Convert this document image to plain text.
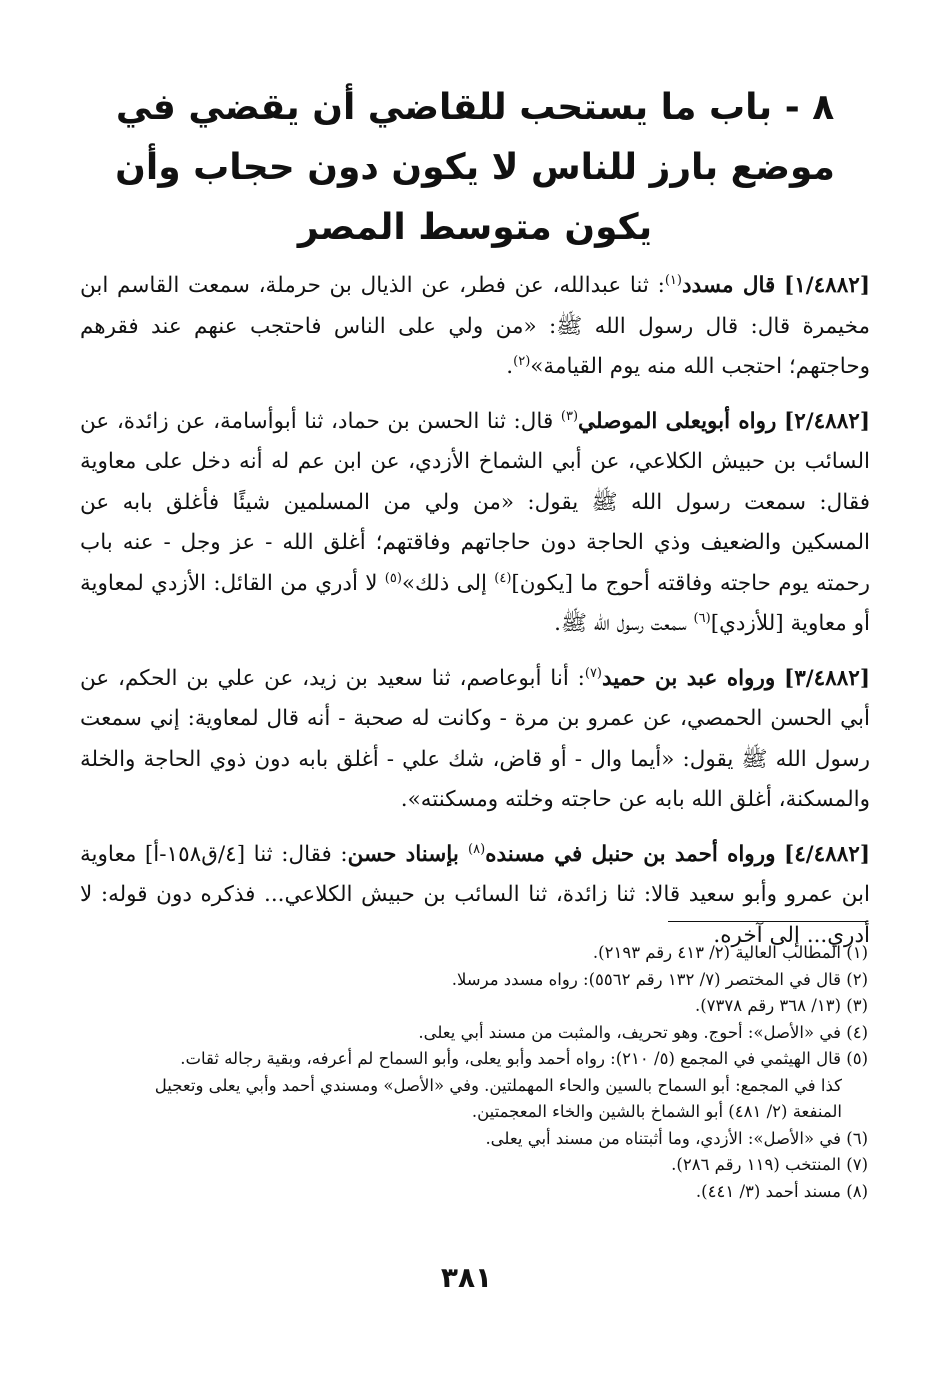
٨ - باب ما يستحب للقاضي أن يقضي في موضع بارز للناس لا يكون دون حجاب وأن يكون متوسط المصر

[١/٤٨٨٢] قال مسدد$^{(١)}$: ثنا عبدالله، عن فطر، عن الذيال بن حرملة، سمعت القاسم ابن مخيمرة قال: قال رسول الله ﷺ: «من ولي على الناس فاحتجب عنهم عند فقرهم وحاجتهم؛ احتجب الله منه يوم القيامة»$^{(٢)}$.

[٢/٤٨٨٢] رواه أبويعلى الموصلي$^{(٣)}$ قال: ثنا الحسن بن حماد، ثنا أبوأسامة، عن زائدة، عن السائب بن حبيش الكلاعي، عن أبي الشماخ الأزدي، عن ابن عم له أنه دخل على معاوية فقال: سمعت رسول الله ﷺ يقول: «من ولي من المسلمين شيئًا فأغلق بابه عن المسكين والضعيف وذي الحاجة دون حاجاتهم وفاقتهم؛ أغلق الله - عز وجل - عنه باب رحمته يوم حاجته وفاقته أحوج ما [يكون]$^{(٤)}$ إلى ذلك»$^{(٥)}$ لا أدري من القائل: الأزدي لمعاوية أو معاوية [للأزدي]$^{(٦)}$ سمعت رسول الله ﷺ.

[٣/٤٨٨٢] ورواه عبد بن حميد$^{(٧)}$: أنا أبوعاصم، ثنا سعيد بن زيد، عن علي بن الحكم، عن أبي الحسن الحمصي، عن عمرو بن مرة - وكانت له صحبة - أنه قال لمعاوية: إني سمعت رسول الله ﷺ يقول: «أيما وال - أو قاض، شك علي - أغلق بابه دون ذوي الحاجة والخلة والمسكنة، أغلق الله بابه عن حاجته وخلته ومسكنته».

[٤/٤٨٨٢] ورواه أحمد بن حنبل في مسنده$^{(٨)}$ بإسناد حسن: فقال: ثنا [٤/ق١٥٨-أ] معاوية ابن عمرو وأبو سعيد قالا: ثنا زائدة، ثنا السائب بن حبيش الكلاعي... فذكره دون قوله: لا أدري... إلى آخره.

(١) المطالب العالية (٢/ ٤١٣ رقم ٢١٩٣).

(٢) قال في المختصر (٧/ ١٣٢ رقم ٥٥٦٢): رواه مسدد مرسلا.

(٣) (١٣/ ٣٦٨ رقم ٧٣٧٨).

(٤) في «الأصل»: أحوج. وهو تحريف، والمثبت من مسند أبي يعلى.

(٥) قال الهيثمي في المجمع (٥/ ٢١٠): رواه أحمد وأبو يعلى، وأبو السماح لم أعرفه، وبقية رجاله ثقات.

كذا في المجمع: أبو السماح بالسين والحاء المهملتين. وفي «الأصل» ومسندي أحمد وأبي يعلى وتعجيل

المنفعة (٢/ ٤٨١) أبو الشماخ بالشين والخاء المعجمتين.

(٦) في «الأصل»: الأزدي، وما أثبتناه من مسند أبي يعلى.

(٧) المنتخب (١١٩ رقم ٢٨٦).

(٨) مسند أحمد (٣/ ٤٤١).

٣٨١
